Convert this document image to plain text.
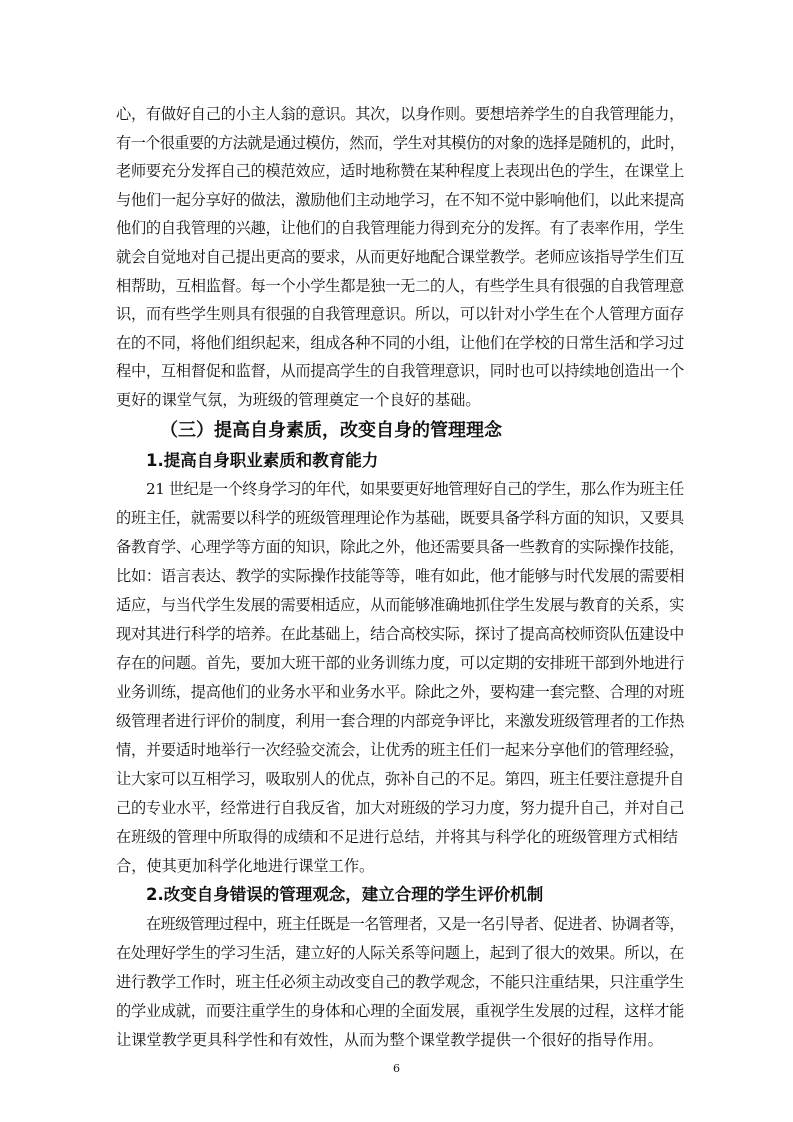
心，有做好自己的小主人翁的意识。其次，以身作则。要想培养学生的自我管理能力，
有一个很重要的方法就是通过模仿，然而，学生对其模仿的对象的选择是随机的，此时，
老师要充分发挥自己的模范效应，适时地称赞在某种程度上表现出色的学生，在课堂上
与他们一起分享好的做法，激励他们主动地学习，在不知不觉中影响他们，以此来提高
他们的自我管理的兴趣，让他们的自我管理能力得到充分的发挥。有了表率作用，学生
就会自觉地对自己提出更高的要求，从而更好地配合课堂教学。老师应该指导学生们互
相帮助，互相监督。每一个小学生都是独一无二的人，有些学生具有很强的自我管理意
识，而有些学生则具有很强的自我管理意识。所以，可以针对小学生在个人管理方面存
在的不同，将他们组织起来，组成各种不同的小组，让他们在学校的日常生活和学习过
程中，互相督促和监督，从而提高学生的自我管理意识，同时也可以持续地创造出一个
更好的课堂气氛，为班级的管理奠定一个良好的基础。
（三）提高自身素质，改变自身的管理理念
1.提高自身职业素质和教育能力
21 世纪是一个终身学习的年代，如果要更好地管理好自己的学生，那么作为班主任
的班主任，就需要以科学的班级管理理论作为基础，既要具备学科方面的知识，又要具
备教育学、心理学等方面的知识，除此之外，他还需要具备一些教育的实际操作技能，
比如：语言表达、教学的实际操作技能等等，唯有如此，他才能够与时代发展的需要相
适应，与当代学生发展的需要相适应，从而能够准确地抓住学生发展与教育的关系，实
现对其进行科学的培养。在此基础上，结合高校实际，探讨了提高高校师资队伍建设中
存在的问题。首先，要加大班干部的业务训练力度，可以定期的安排班干部到外地进行
业务训练，提高他们的业务水平和业务水平。除此之外，要构建一套完整、合理的对班
级管理者进行评价的制度，利用一套合理的内部竞争评比，来激发班级管理者的工作热
情，并要适时地举行一次经验交流会，让优秀的班主任们一起来分享他们的管理经验，
让大家可以互相学习，吸取别人的优点，弥补自己的不足。第四，班主任要注意提升自
己的专业水平，经常进行自我反省，加大对班级的学习力度，努力提升自己，并对自己
在班级的管理中所取得的成绩和不足进行总结，并将其与科学化的班级管理方式相结
合，使其更加科学化地进行课堂工作。
2.改变自身错误的管理观念，建立合理的学生评价机制
在班级管理过程中，班主任既是一名管理者，又是一名引导者、促进者、协调者等，
在处理好学生的学习生活，建立好的人际关系等问题上，起到了很大的效果。所以，在
进行教学工作时，班主任必须主动改变自己的教学观念，不能只注重结果，只注重学生
的学业成就，而要注重学生的身体和心理的全面发展，重视学生发展的过程，这样才能
让课堂教学更具科学性和有效性，从而为整个课堂教学提供一个很好的指导作用。
6
